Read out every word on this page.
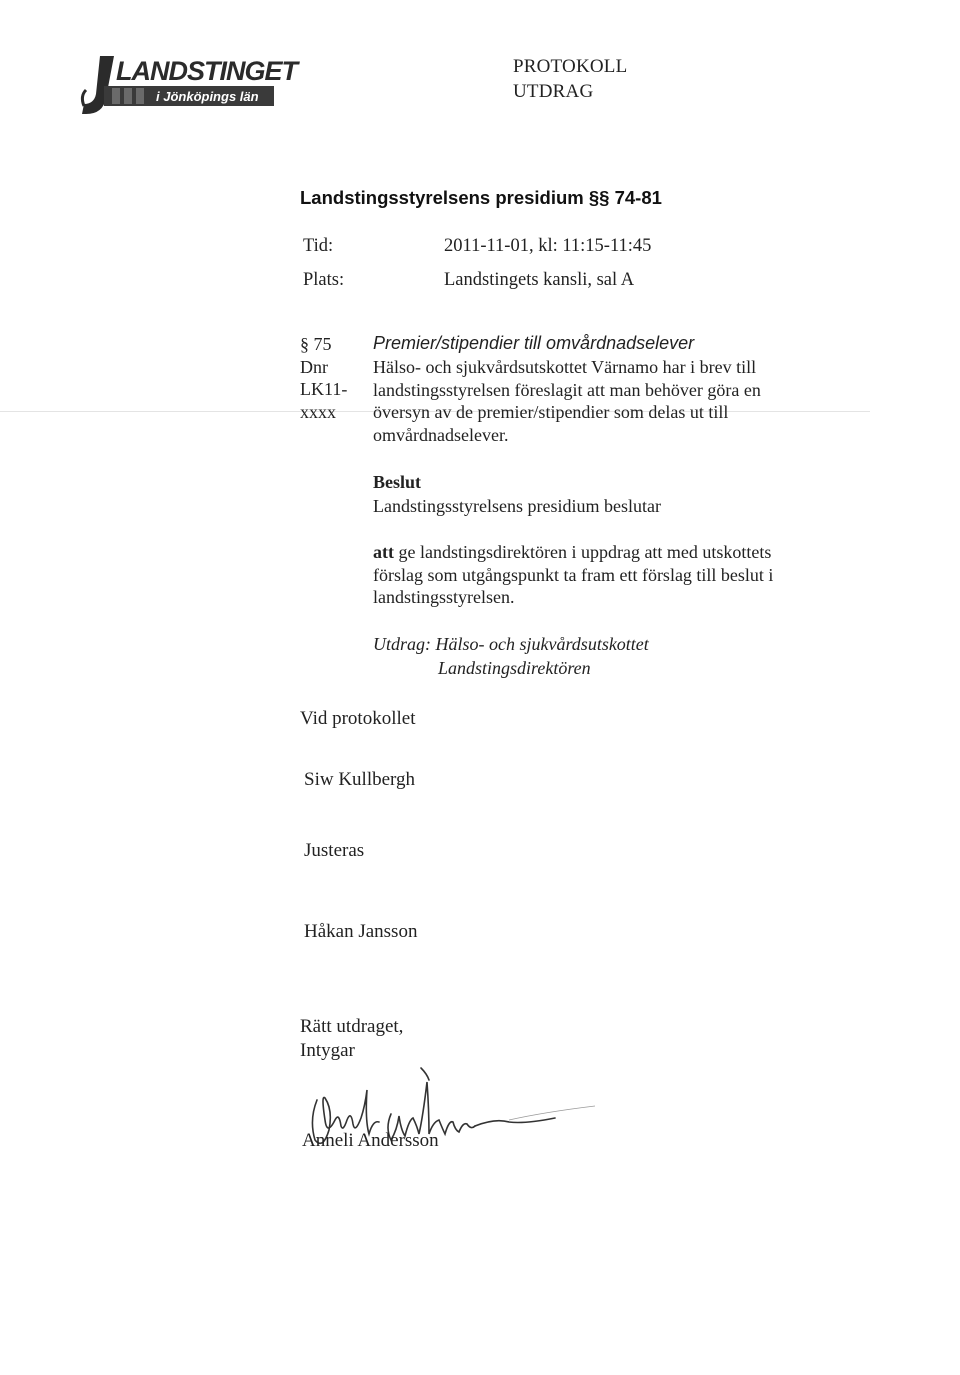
LANDSTINGET
i Jönköpings län
PROTOKOLL
UTDRAG
Landstingsstyrelsens presidium §§ 74-81
Tid:	2011-11-01, kl: 11:15-11:45
Plats:	Landstingets kansli, sal A
§ 75
Dnr
LK11-
xxxx
Premier/stipendier till omvårdnadselever
Hälso- och sjukvårdsutskottet Värnamo har i brev till
landstingsstyrelsen föreslagit att man behöver göra en
översyn av de premier/stipendier som delas ut till
omvårdnadselever.
Beslut
Landstingsstyrelsens presidium beslutar
att ge landstingsdirektören i uppdrag att med utskottets
förslag som utgångspunkt ta fram ett förslag till beslut i
landstingsstyrelsen.
Utdrag: Hälso- och sjukvårdsutskottet
Landstingsdirektören
Vid protokollet
Siw Kullbergh
Justeras
Håkan Jansson
Rätt utdraget,
Intygar
Anneli Andersson
